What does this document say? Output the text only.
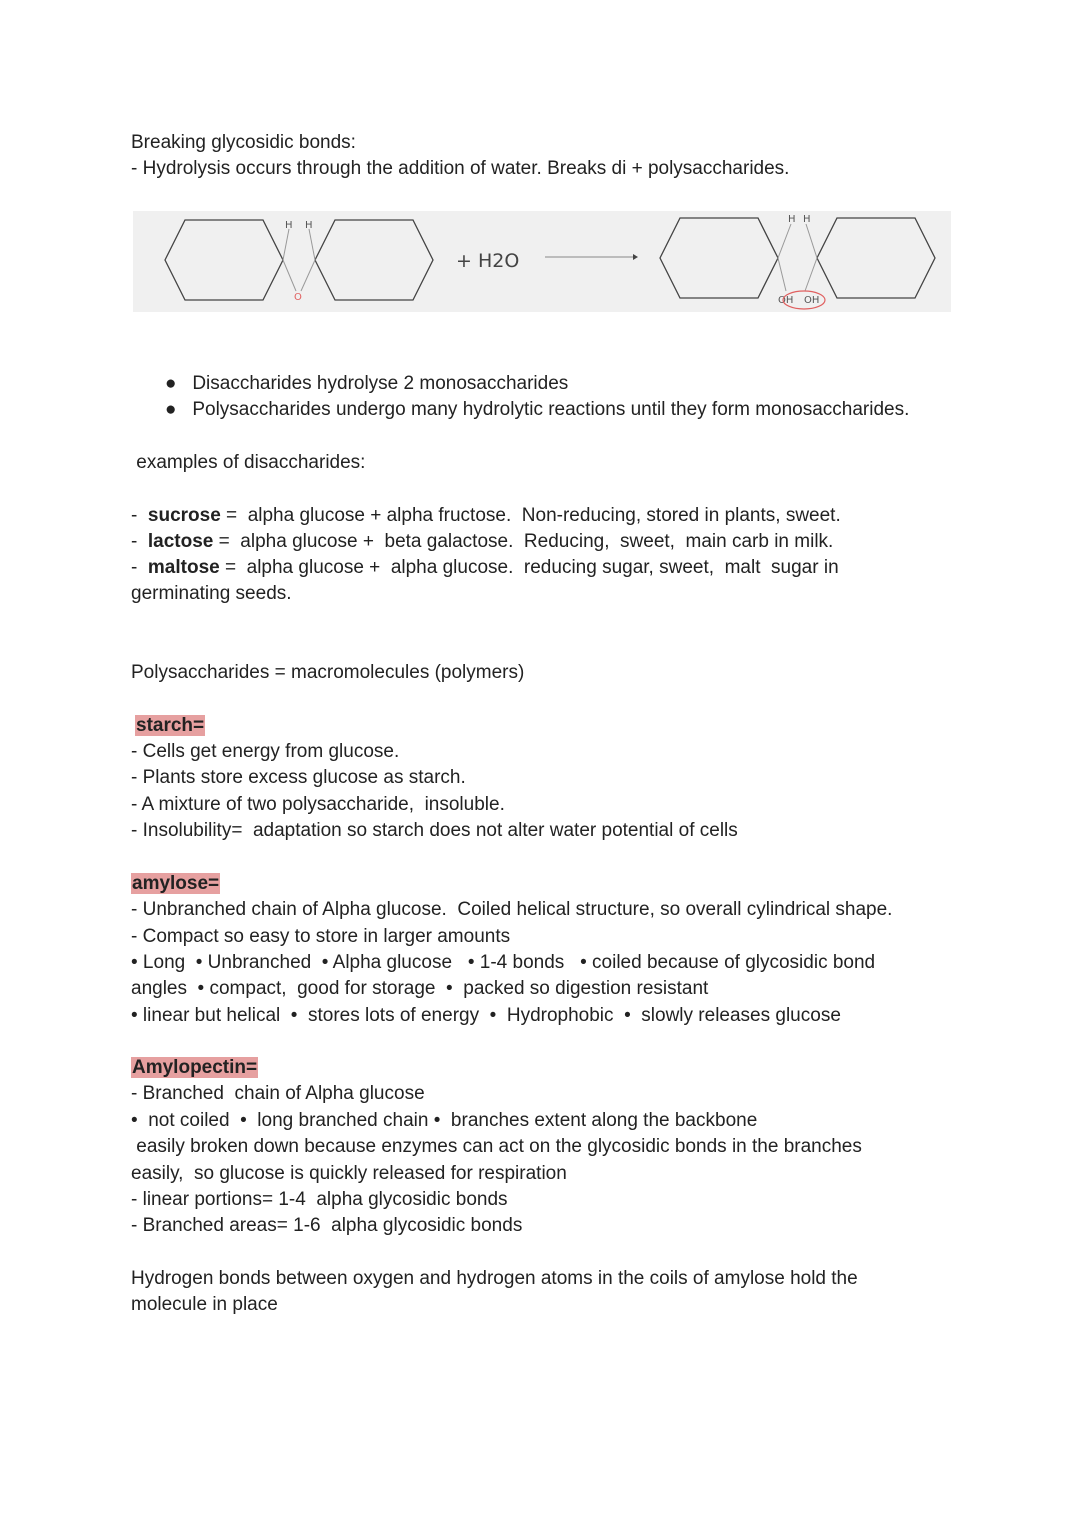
Breaking glycosidic bonds:
- Hydrolysis occurs through the addition of water. Breaks di + polysaccharides.
H H
O
+ H2O
H H
OH OH
● Disaccharides hydrolyse 2 monosaccharides
● Polysaccharides undergo many hydrolytic reactions until they form monosaccharides.
examples of disaccharides:
-  sucrose =  alpha glucose + alpha fructose.  Non-reducing, stored in plants, sweet.
-  lactose =  alpha glucose +  beta galactose.  Reducing,  sweet,  main carb in milk.
-  maltose =  alpha glucose +  alpha glucose.  reducing sugar, sweet,  malt  sugar in
germinating seeds.
Polysaccharides = macromolecules (polymers)
starch=
- Cells get energy from glucose.
- Plants store excess glucose as starch.
- A mixture of two polysaccharide,  insoluble.
- Insolubility=  adaptation so starch does not alter water potential of cells
amylose=
- Unbranched chain of Alpha glucose.  Coiled helical structure, so overall cylindrical shape.
- Compact so easy to store in larger amounts
• Long  • Unbranched  • Alpha glucose   • 1-4 bonds   • coiled because of glycosidic bond
angles  • compact,  good for storage  •  packed so digestion resistant
• linear but helical  •  stores lots of energy  •  Hydrophobic  •  slowly releases glucose
Amylopectin=
- Branched  chain of Alpha glucose
•  not coiled  •  long branched chain •  branches extent along the backbone
easily broken down because enzymes can act on the glycosidic bonds in the branches
easily,  so glucose is quickly released for respiration
- linear portions= 1-4  alpha glycosidic bonds
- Branched areas= 1-6  alpha glycosidic bonds
Hydrogen bonds between oxygen and hydrogen atoms in the coils of amylose hold the
molecule in place
